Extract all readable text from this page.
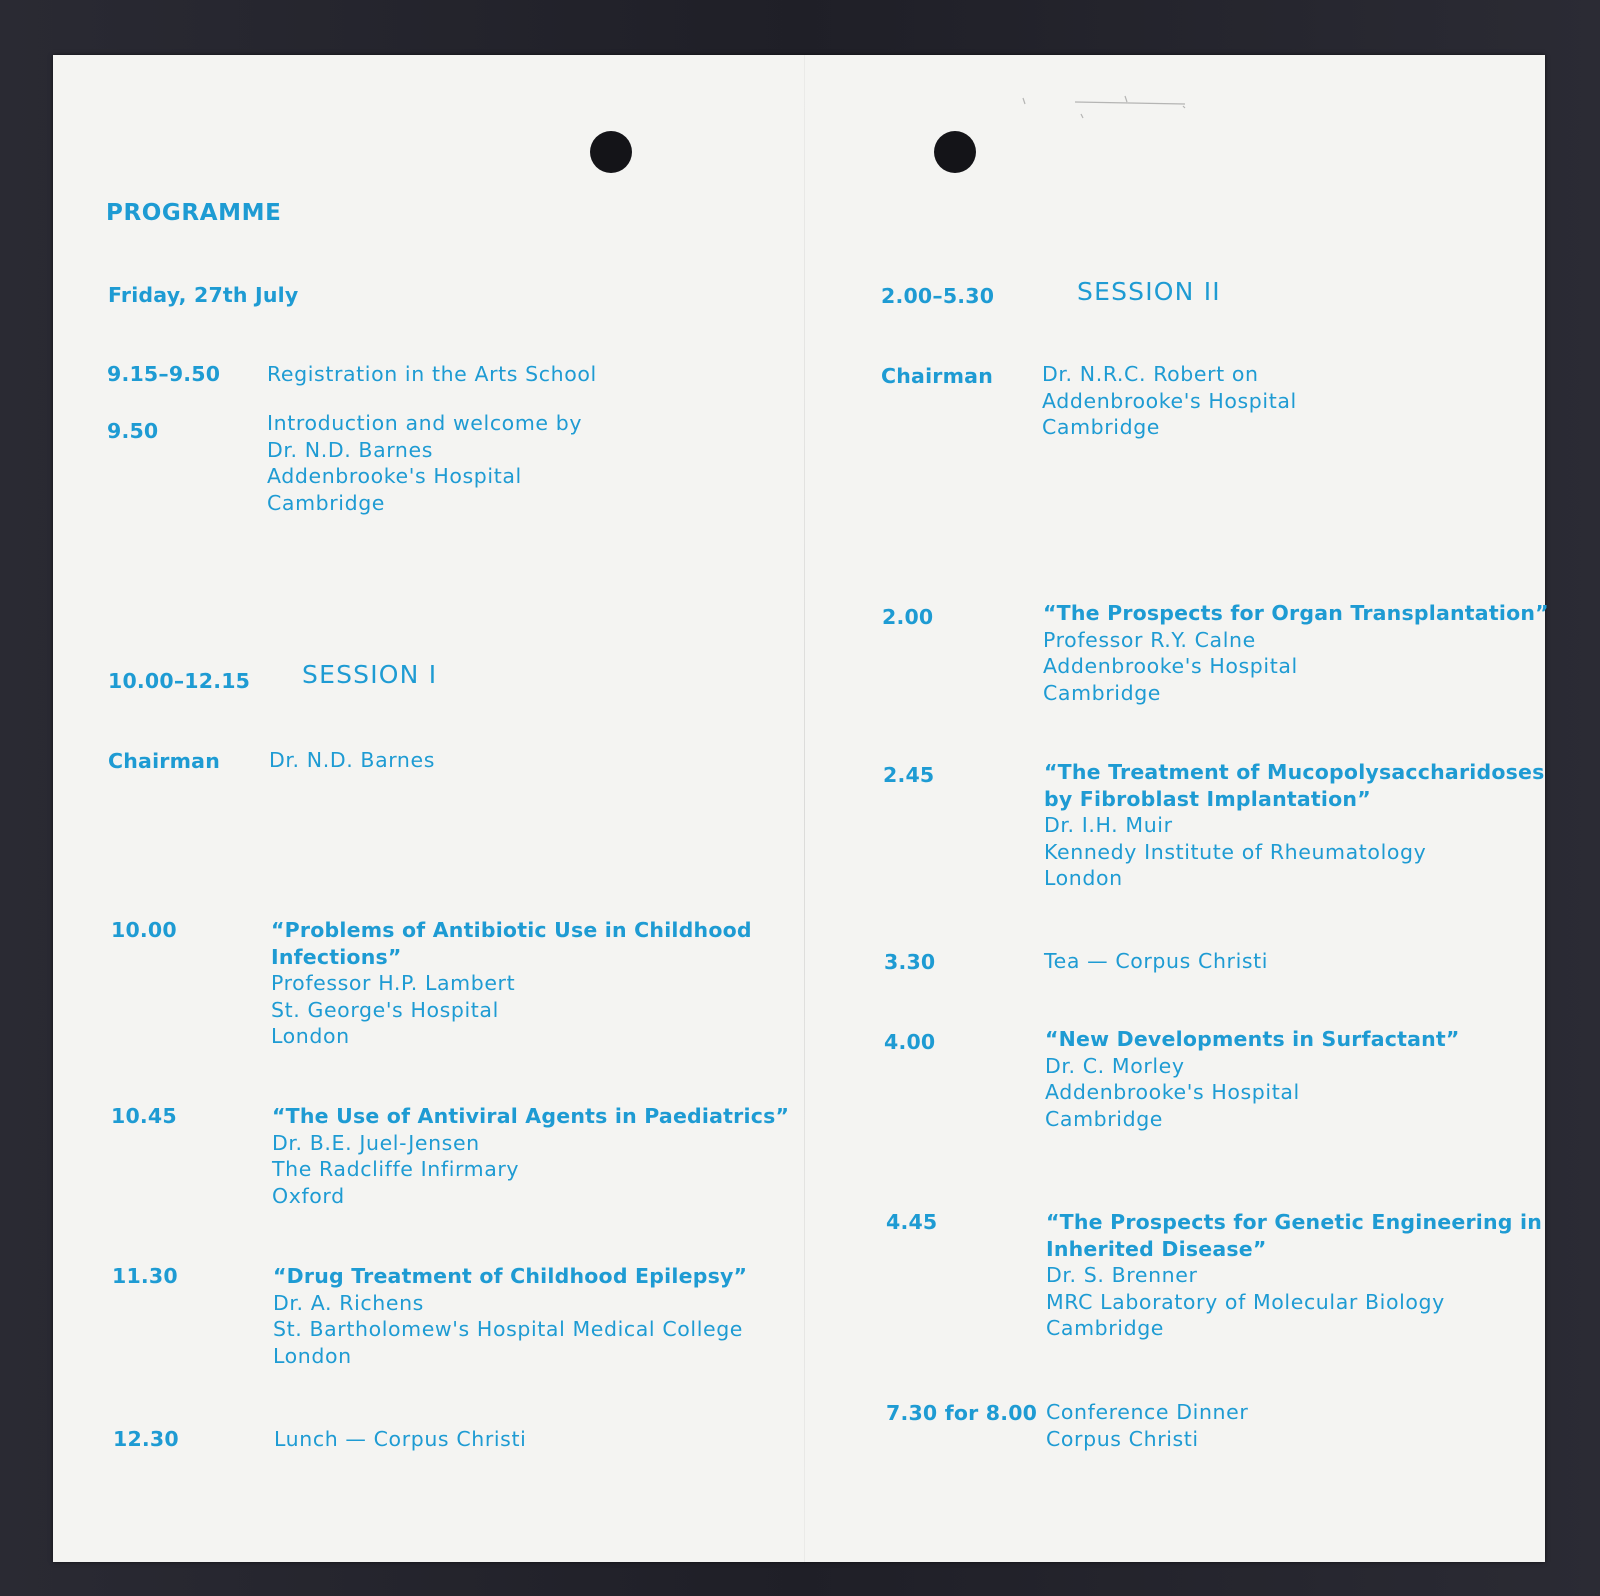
PROGRAMME
Friday, 27th July
9.15–9.50 Registration in the Arts School
9.50	Introduction and welcome by
Dr. N.D. Barnes
Addenbrooke's Hospital
Cambridge
10.00–12.15 SESSION I
Chairman Dr. N.D. Barnes
10.00	“Problems of Antibiotic Use in Childhood
Infections”
Professor H.P. Lambert
St. George's Hospital
London
10.45	“The Use of Antiviral Agents in Paediatrics”
Dr. B.E. Juel-Jensen
The Radcliffe Infirmary
Oxford
11.30	“Drug Treatment of Childhood Epilepsy”
Dr. A. Richens
St. Bartholomew's Hospital Medical College
London
12.30	Lunch — Corpus Christi
2.00–5.30	SESSION II
Chairman Dr. N.R.C. Robert on
Addenbrooke's Hospital
Cambridge
2.00	“The Prospects for Organ Transplantation”
Professor R.Y. Calne
Addenbrooke's Hospital
Cambridge
2.45	“The Treatment of Mucopolysaccharidoses
by Fibroblast Implantation”
Dr. I.H. Muir
Kennedy Institute of Rheumatology
London
3.30	Tea — Corpus Christi
4.00	“New Developments in Surfactant”
Dr. C. Morley
Addenbrooke's Hospital
Cambridge
4.45	“The Prospects for Genetic Engineering in
Inherited Disease”
Dr. S. Brenner
MRC Laboratory of Molecular Biology
Cambridge
7.30 for 8.00 Conference Dinner
Corpus Christi
